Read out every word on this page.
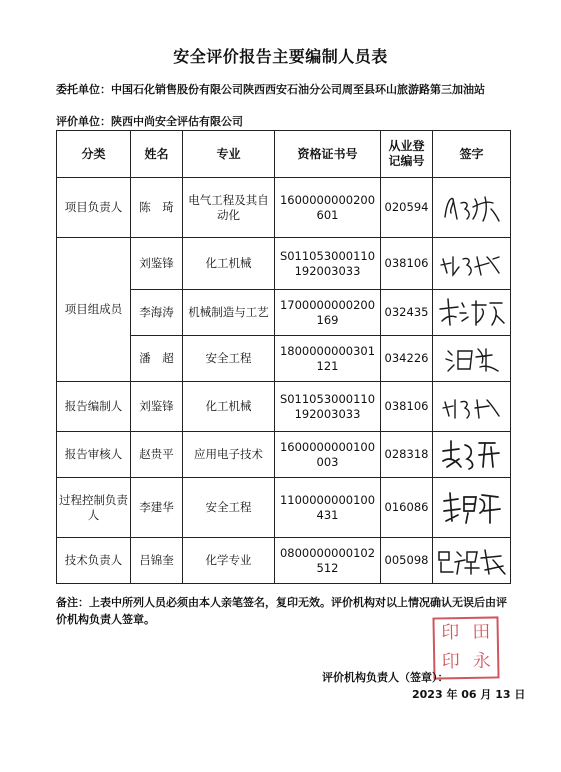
安全评价报告主要编制人员表
委托单位：中国石化销售股份有限公司陕西西安石油分公司周至县环山旅游路第三加油站
评价单位：陕西中尚安全评估有限公司
分类	姓名	专业	资格证书号	从业登记编号	签字
项目负责人	陈　琦	电气工程及其自动化	1600000000200601	020594	

项目组成员	刘鉴锋	化工机械	S011053000110192003033	038106	

	李海涛	机械制造与工艺	1700000000200169	032435	

	潘　超	安全工程	1800000000301121	034226	

报告编制人	刘鉴锋	化工机械	S011053000110192003033	038106	

报告审核人	赵贵平	应用电子技术	1600000000100003	028318	

过程控制负责人	李建华	安全工程	1100000000100431	016086	

技术负责人	吕锦奎	化学专业	0800000000102512	005098	
备注：上表中所列人员必须由本人亲笔签名，复印无效。评价机构对以上情况确认无误后由评价机构负责人签章。
印 田
印 永
评价机构负责人（签章）：
2023 年 06 月 13 日
